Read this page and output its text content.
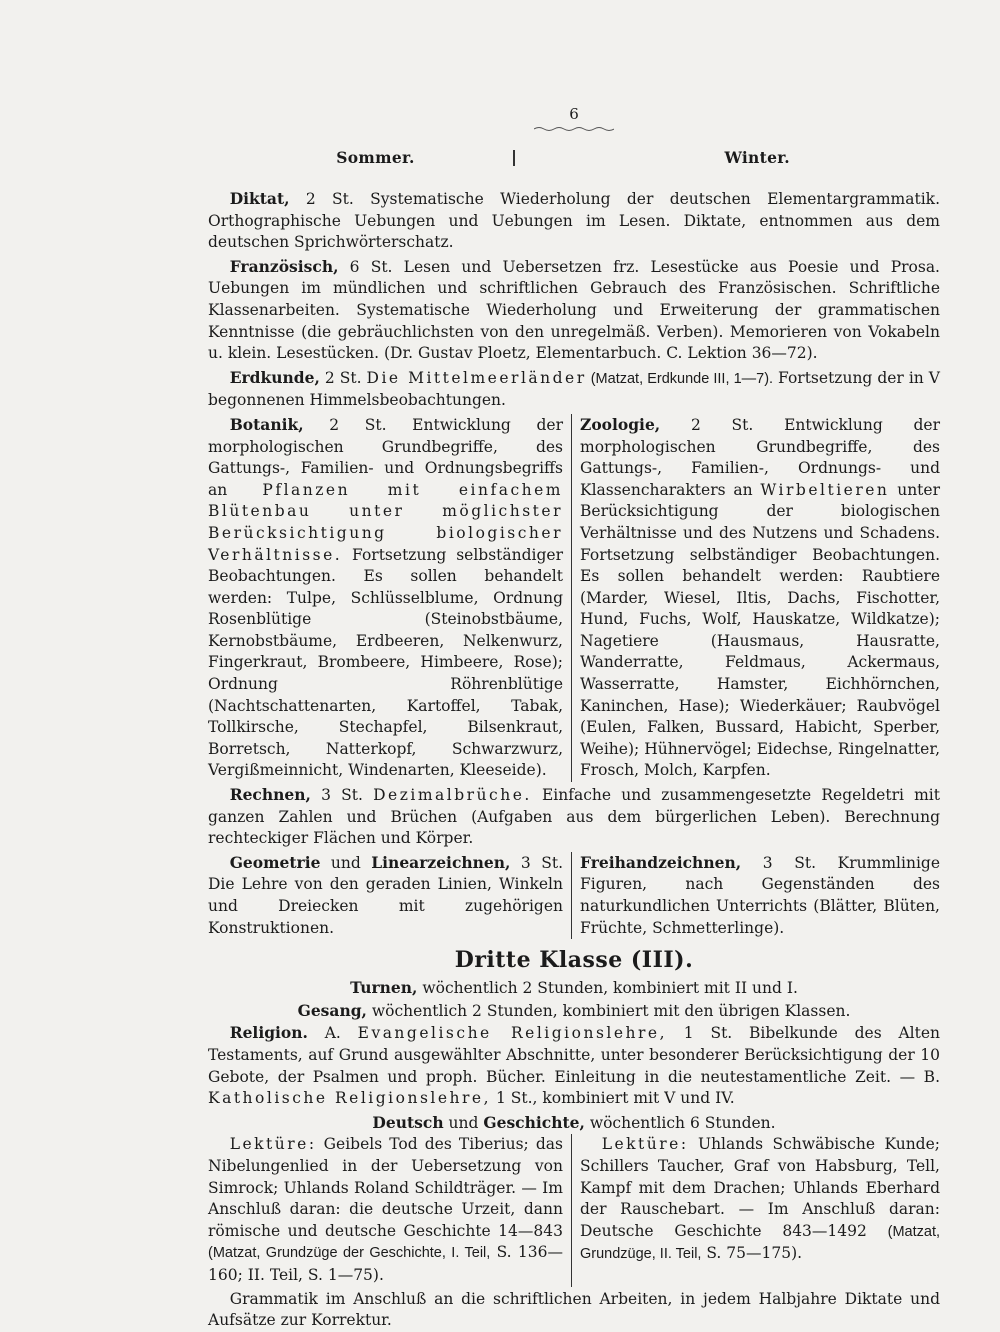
6
Sommer.	Winter.

Diktat, 2 St. Systematische Wiederholung der deutschen Elementargrammatik. Orthographische Uebungen und Uebungen im Lesen. Diktate, entnommen aus dem deutschen Sprichwörterschatz.

Französisch, 6 St. Lesen und Uebersetzen frz. Lesestücke aus Poesie und Prosa. Uebungen im mündlichen und schriftlichen Gebrauch des Französischen. Schriftliche Klassenarbeiten. Systematische Wiederholung und Erweiterung der grammatischen Kenntnisse (die gebräuchlichsten von den unregelmäß. Verben). Memorieren von Vokabeln u. klein. Lesestücken. (Dr. Gustav Ploetz, Elementarbuch. C. Lektion 36—72).

Erdkunde, 2 St. Die Mittelmeerländer (Matzat, Erdkunde III, 1—7). Fortsetzung der in V begonnenen Himmelsbeobachtungen.

Botanik, 2 St. Entwicklung der morphologischen Grundbegriffe, des Gattungs-, Familien- und Ordnungsbegriffs an Pflanzen mit einfachem Blütenbau unter möglichster Berücksichtigung biologischer Verhältnisse. Fortsetzung selbständiger Beobachtungen. Es sollen behandelt werden: Tulpe, Schlüsselblume, Ordnung Rosenblütige (Steinobstbäume, Kernobstbäume, Erdbeeren, Nelkenwurz, Fingerkraut, Brombeere, Himbeere, Rose); Ordnung Röhrenblütige (Nachtschattenarten, Kartoffel, Tabak, Tollkirsche, Stechapfel, Bilsenkraut, Borretsch, Natterkopf, Schwarzwurz, Vergißmeinnicht, Windenarten, Kleeseide).

Zoologie, 2 St. Entwicklung der morphologischen Grundbegriffe, des Gattungs-, Familien-, Ordnungs- und Klassencharakters an Wirbeltieren unter Berücksichtigung der biologischen Verhältnisse und des Nutzens und Schadens. Fortsetzung selbständiger Beobachtungen. Es sollen behandelt werden: Raubtiere (Marder, Wiesel, Iltis, Dachs, Fischotter, Hund, Fuchs, Wolf, Hauskatze, Wildkatze); Nagetiere (Hausmaus, Hausratte, Wanderratte, Feldmaus, Ackermaus, Wasserratte, Hamster, Eichhörnchen, Kaninchen, Hase); Wiederkäuer; Raubvögel (Eulen, Falken, Bussard, Habicht, Sperber, Weihe); Hühnervögel; Eidechse, Ringelnatter, Frosch, Molch, Karpfen.

Rechnen, 3 St. Dezimalbrüche. Einfache und zusammengesetzte Regeldetri mit ganzen Zahlen und Brüchen (Aufgaben aus dem bürgerlichen Leben). Berechnung rechteckiger Flächen und Körper.

Geometrie und Linearzeichnen, 3 St. Die Lehre von den geraden Linien, Winkeln und Dreiecken mit zugehörigen Konstruktionen.

Freihandzeichnen, 3 St. Krummlinige Figuren, nach Gegenständen des naturkundlichen Unterrichts (Blätter, Blüten, Früchte, Schmetterlinge).

Dritte Klasse (III).

Turnen, wöchentlich 2 Stunden, kombiniert mit II und I.

Gesang, wöchentlich 2 Stunden, kombiniert mit den übrigen Klassen.

Religion. A. Evangelische Religionslehre, 1 St. Bibelkunde des Alten Testaments, auf Grund ausgewählter Abschnitte, unter besonderer Berücksichtigung der 10 Gebote, der Psalmen und proph. Bücher. Einleitung in die neutestamentliche Zeit. — B. Katholische Religionslehre, 1 St., kombiniert mit V und IV.

Deutsch und Geschichte, wöchentlich 6 Stunden.

Lektüre: Geibels Tod des Tiberius; das Nibelungenlied in der Uebersetzung von Simrock; Uhlands Roland Schildträger. — Im Anschluß daran: die deutsche Urzeit, dann römische und deutsche Geschichte 14—843 (Matzat, Grundzüge der Geschichte, I. Teil, S. 136—160; II. Teil, S. 1—75).

Lektüre: Uhlands Schwäbische Kunde; Schillers Taucher, Graf von Habsburg, Tell, Kampf mit dem Drachen; Uhlands Eberhard der Rauschebart. — Im Anschluß daran: Deutsche Geschichte 843—1492 (Matzat, Grundzüge, II. Teil, S. 75—175).

Grammatik im Anschluß an die schriftlichen Arbeiten, in jedem Halbjahre Diktate und Aufsätze zur Korrektur.
